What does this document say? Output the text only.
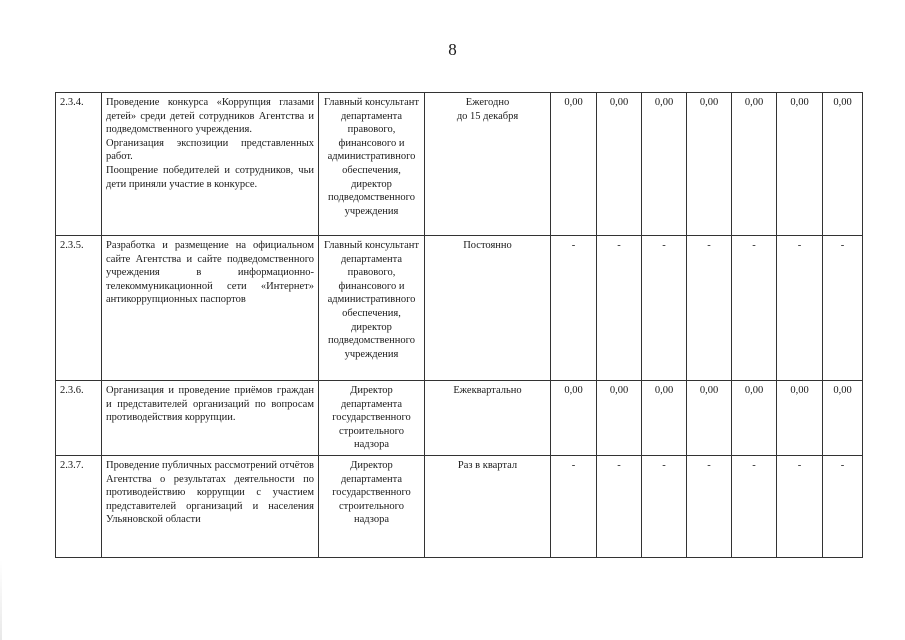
8
2.3.4.	Проведение конкурса «Коррупция глазами детей» среди детей сотрудников Агентства и подведомственного учреждения.
Организация экспозиции представленных работ.
Поощрение победителей и сотрудников, чьи дети приняли участие в конкурсе.	Главный консультант департамента правового, финансового и административного обеспечения, директор подведомственного учреждения	Ежегодно
до 15 декабря	0,00	0,00	0,00	0,00	0,00	0,00	0,00
2.3.5.	Разработка и размещение на официальном сайте Агентства и сайте подведомственного учреждения в информационно-телекоммуникационной сети «Интернет» антикоррупционных паспортов	Главный консультант департамента правового, финансового и административного обеспечения, директор подведомственного учреждения	Постоянно	-	-	-	-	-	-	-
2.3.6.	Организация и проведение приёмов граждан и представителей организаций по вопросам противодействия коррупции.	Директор департамента государственного строительного надзора	Ежеквартально	0,00	0,00	0,00	0,00	0,00	0,00	0,00
2.3.7.	Проведение публичных рассмотрений отчётов Агентства о результатах деятельности по противодействию коррупции с участием представителей организаций и населения Ульяновской области	Директор департамента государственного строительного надзора	Раз в квартал	-	-	-	-	-	-	-
